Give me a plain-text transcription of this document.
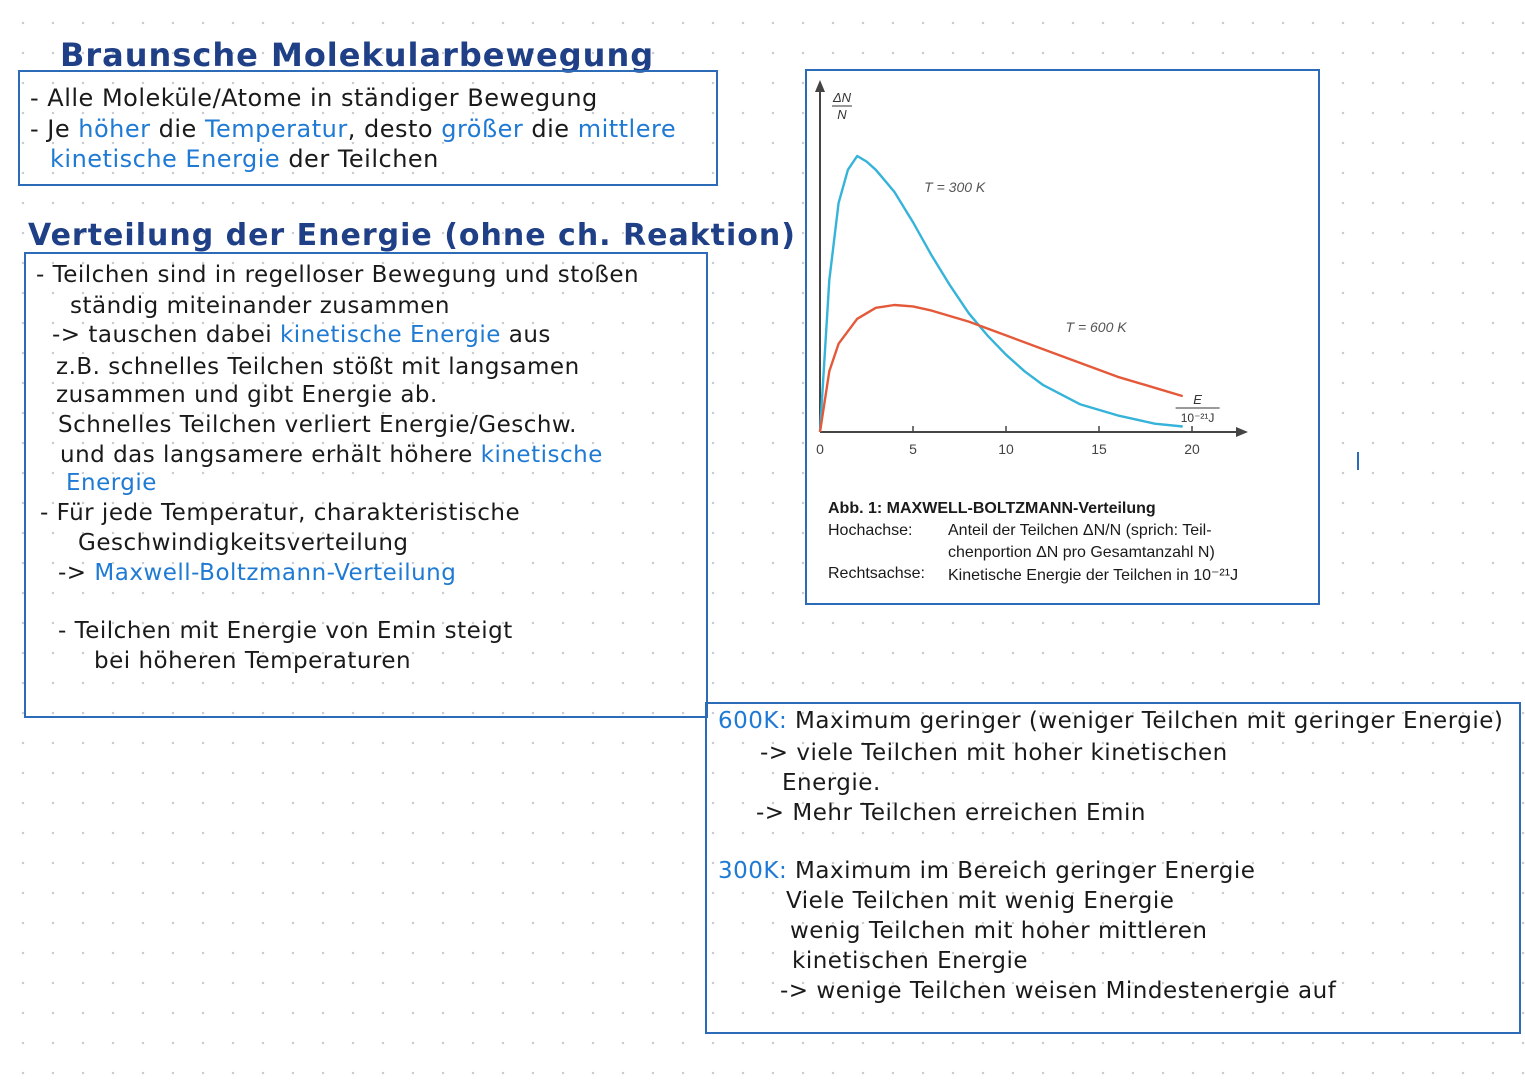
Braunsche Molekularbewegung
- Alle Moleküle/Atome in ständiger Bewegung
- Je höher die Temperatur, desto größer die mittlere
kinetische Energie der Teilchen
Verteilung der Energie (ohne ch. Reaktion)
- Teilchen sind in regelloser Bewegung und stoßen
ständig miteinander zusammen
-> tauschen dabei kinetische Energie aus
z.B. schnelles Teilchen stößt mit langsamen
zusammen und gibt Energie ab.
Schnelles Teilchen verliert Energie/Geschw.
und das langsamere erhält höhere kinetische
Energie
- Für jede Temperatur, charakteristische
Geschwindigkeitsverteilung
-> Maxwell-Boltzmann-Verteilung
- Teilchen mit Energie von Emin steigt
bei höheren Temperaturen
0	5	10	15	20
ΔN
N
E
10⁻²¹J
T = 300 K
T = 600 K
Abb. 1: MAXWELL-BOLTZMANN-Verteilung
Hochachse: Anteil der Teilchen ΔN/N (sprich: Teil-
chenportion ΔN pro Gesamtanzahl N)
Rechtsachse: Kinetische Energie der Teilchen in 10⁻²¹J
600K: Maximum geringer (weniger Teilchen mit geringer Energie)
-> viele Teilchen mit hoher kinetischen
Energie.
-> Mehr Teilchen erreichen Emin
300K: Maximum im Bereich geringer Energie
Viele Teilchen mit wenig Energie
wenig Teilchen mit hoher mittleren
kinetischen Energie
-> wenige Teilchen weisen Mindestenergie auf
